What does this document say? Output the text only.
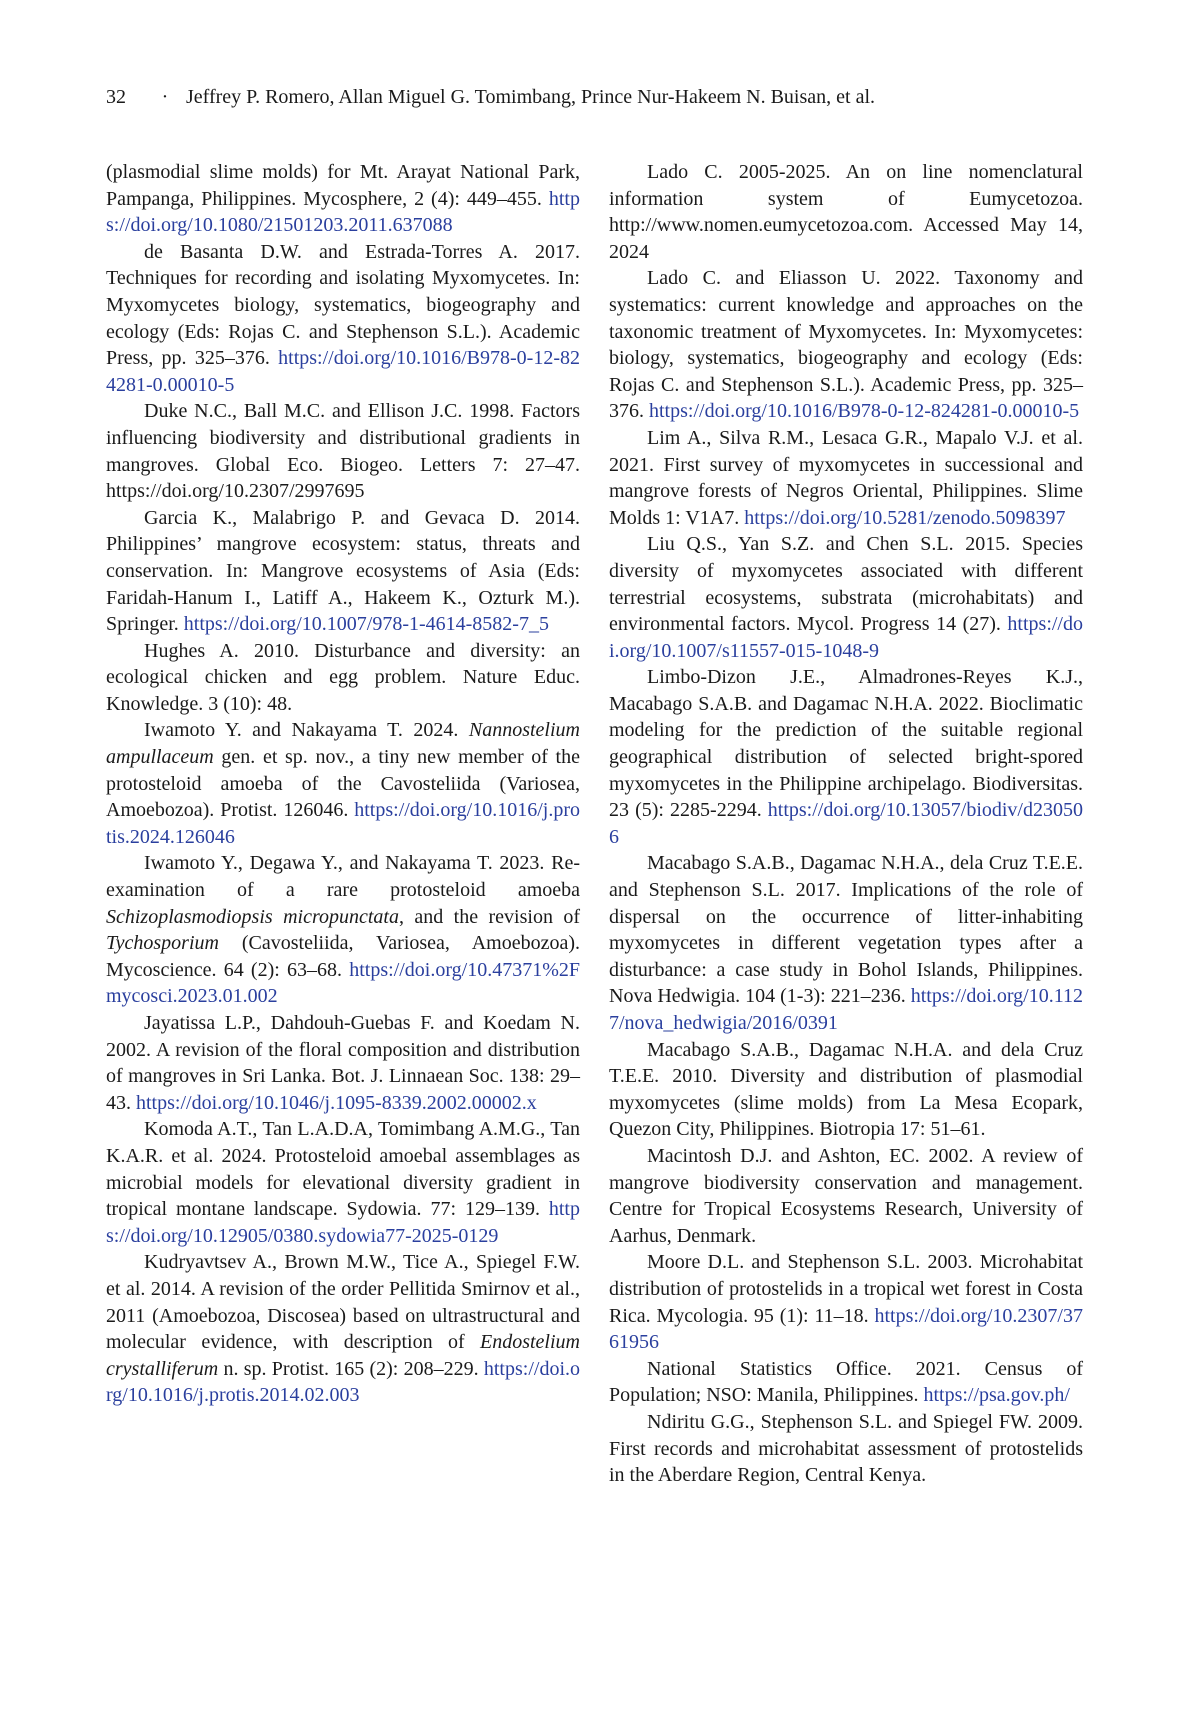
32 · Jeffrey P. Romero, Allan Miguel G. Tomimbang, Prince Nur-Hakeem N. Buisan, et al.

(plasmodial slime molds) for Mt. Arayat National Park, Pampanga, Philippines. Mycosphere, 2 (4): 449–455. https://doi.org/10.1080/21501203.2011.637088

de Basanta D.W. and Estrada-Torres A. 2017. Techniques for recording and isolating Myxomycetes. In: Myxomycetes biology, systematics, biogeography and ecology (Eds: Rojas C. and Stephenson S.L.). Academic Press, pp. 325–376. https://doi.org/10.1016/B978-0-12-824281-0.00010-5

Duke N.C., Ball M.C. and Ellison J.C. 1998. Factors influencing biodiversity and distributional gradients in mangroves. Global Eco. Biogeo. Letters 7: 27–47. https://doi.org/10.2307/2997695

Garcia K., Malabrigo P. and Gevaca D. 2014. Philippines’ mangrove ecosystem: status, threats and conservation. In: Mangrove ecosystems of Asia (Eds: Faridah-Hanum I., Latiff A., Hakeem K., Ozturk M.). Springer. https://doi.org/10.1007/978-1-4614-8582-7_5

Hughes A. 2010. Disturbance and diversity: an ecological chicken and egg problem. Nature Educ. Knowledge. 3 (10): 48.

Iwamoto Y. and Nakayama T. 2024. Nannostelium ampullaceum gen. et sp. nov., a tiny new member of the protosteloid amoeba of the Cavosteliida (Variosea, Amoebozoa). Protist. 126046. https://doi.org/10.1016/j.protis.2024.126046

Iwamoto Y., Degawa Y., and Nakayama T. 2023. Re-examination of a rare protosteloid amoeba Schizoplasmodiopsis micropunctata, and the revision of Tychosporium (Cavosteliida, Variosea, Amoebozoa). Mycoscience. 64 (2): 63–68. https://doi.org/10.47371%2Fmycosci.2023.01.002

Jayatissa L.P., Dahdouh-Guebas F. and Koedam N. 2002. A revision of the floral composition and distribution of mangroves in Sri Lanka. Bot. J. Linnaean Soc. 138: 29–43. https://doi.org/10.1046/j.1095-8339.2002.00002.x

Komoda A.T., Tan L.A.D.A, Tomimbang A.M.G., Tan K.A.R. et al. 2024. Protosteloid amoebal assemblages as microbial models for elevational diversity gradient in tropical montane landscape. Sydowia. 77: 129–139. https://doi.org/10.12905/0380.sydowia77-2025-0129

Kudryavtsev A., Brown M.W., Tice A., Spiegel F.W. et al. 2014. A revision of the order Pellitida Smirnov et al., 2011 (Amoebozoa, Discosea) based on ultrastructural and molecular evidence, with description of Endostelium crystalliferum n. sp. Protist. 165 (2): 208–229. https://doi.org/10.1016/j.protis.2014.02.003

Lado C. 2005-2025. An on line nomenclatural information system of Eumycetozoa. http://www.nomen.eumycetozoa.com. Accessed May 14, 2024

Lado C. and Eliasson U. 2022. Taxonomy and systematics: current knowledge and approaches on the taxonomic treatment of Myxomycetes. In: Myxomycetes: biology, systematics, biogeography and ecology (Eds: Rojas C. and Stephenson S.L.). Academic Press, pp. 325–376. https://doi.org/10.1016/B978-0-12-824281-0.00010-5

Lim A., Silva R.M., Lesaca G.R., Mapalo V.J. et al. 2021. First survey of myxomycetes in successional and mangrove forests of Negros Oriental, Philippines. Slime Molds 1: V1A7. https://doi.org/10.5281/zenodo.5098397

Liu Q.S., Yan S.Z. and Chen S.L. 2015. Species diversity of myxomycetes associated with different terrestrial ecosystems, substrata (microhabitats) and environmental factors. Mycol. Progress 14 (27). https://doi.org/10.1007/s11557-015-1048-9

Limbo-Dizon J.E., Almadrones-Reyes K.J., Macabago S.A.B. and Dagamac N.H.A. 2022. Bioclimatic modeling for the prediction of the suitable regional geographical distribution of selected bright-spored myxomycetes in the Philippine archipelago. Biodiversitas. 23 (5): 2285-2294. https://doi.org/10.13057/biodiv/d230506

Macabago S.A.B., Dagamac N.H.A., dela Cruz T.E.E. and Stephenson S.L. 2017. Implications of the role of dispersal on the occurrence of litter-inhabiting myxomycetes in different vegetation types after a disturbance: a case study in Bohol Islands, Philippines. Nova Hedwigia. 104 (1-3): 221–236. https://doi.org/10.1127/nova_hedwigia/2016/0391

Macabago S.A.B., Dagamac N.H.A. and dela Cruz T.E.E. 2010. Diversity and distribution of plasmodial myxomycetes (slime molds) from La Mesa Ecopark, Quezon City, Philippines. Biotropia 17: 51–61.

Macintosh D.J. and Ashton, EC. 2002. A review of mangrove biodiversity conservation and management. Centre for Tropical Ecosystems Research, University of Aarhus, Denmark.

Moore D.L. and Stephenson S.L. 2003. Microhabitat distribution of protostelids in a tropical wet forest in Costa Rica. Mycologia. 95 (1): 11–18. https://doi.org/10.2307/3761956

National Statistics Office. 2021. Census of Population; NSO: Manila, Philippines. https://psa.gov.ph/

Ndiritu G.G., Stephenson S.L. and Spiegel FW. 2009. First records and microhabitat assessment of protostelids in the Aberdare Region, Central Kenya.
